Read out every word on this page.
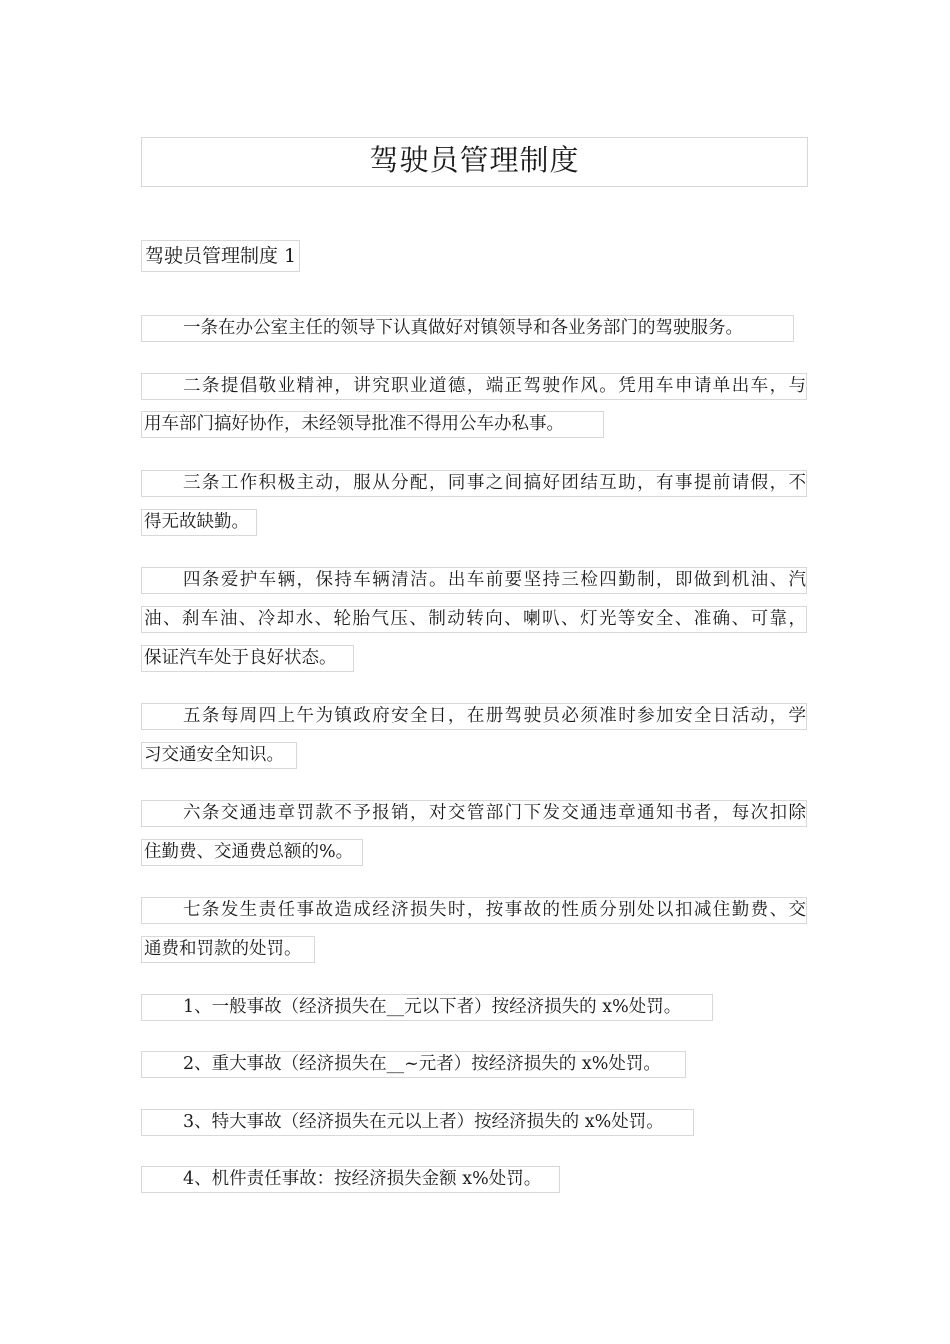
驾驶员管理制度
驾驶员管理制度 1
一条在办公室主任的领导下认真做好对镇领导和各业务部门的驾驶服务。
二条提倡敬业精神，讲究职业道德，端正驾驶作风。凭用车申请单出车，与
用车部门搞好协作，未经领导批准不得用公车办私事。
三条工作积极主动，服从分配，同事之间搞好团结互助，有事提前请假，不
得无故缺勤。
四条爱护车辆，保持车辆清洁。出车前要坚持三检四勤制，即做到机油、汽
油、刹车油、冷却水、轮胎气压、制动转向、喇叭、灯光等安全、准确、可靠，
保证汽车处于良好状态。
五条每周四上午为镇政府安全日，在册驾驶员必须准时参加安全日活动，学
习交通安全知识。
六条交通违章罚款不予报销，对交管部门下发交通违章通知书者，每次扣除
住勤费、交通费总额的%。
七条发生责任事故造成经济损失时，按事故的性质分别处以扣减住勤费、交
通费和罚款的处罚。
1、一般事故（经济损失在__元以下者）按经济损失的 x%处罚。
2、重大事故（经济损失在__~元者）按经济损失的 x%处罚。
3、特大事故（经济损失在元以上者）按经济损失的 x%处罚。
4、机件责任事故：按经济损失金额 x%处罚。
